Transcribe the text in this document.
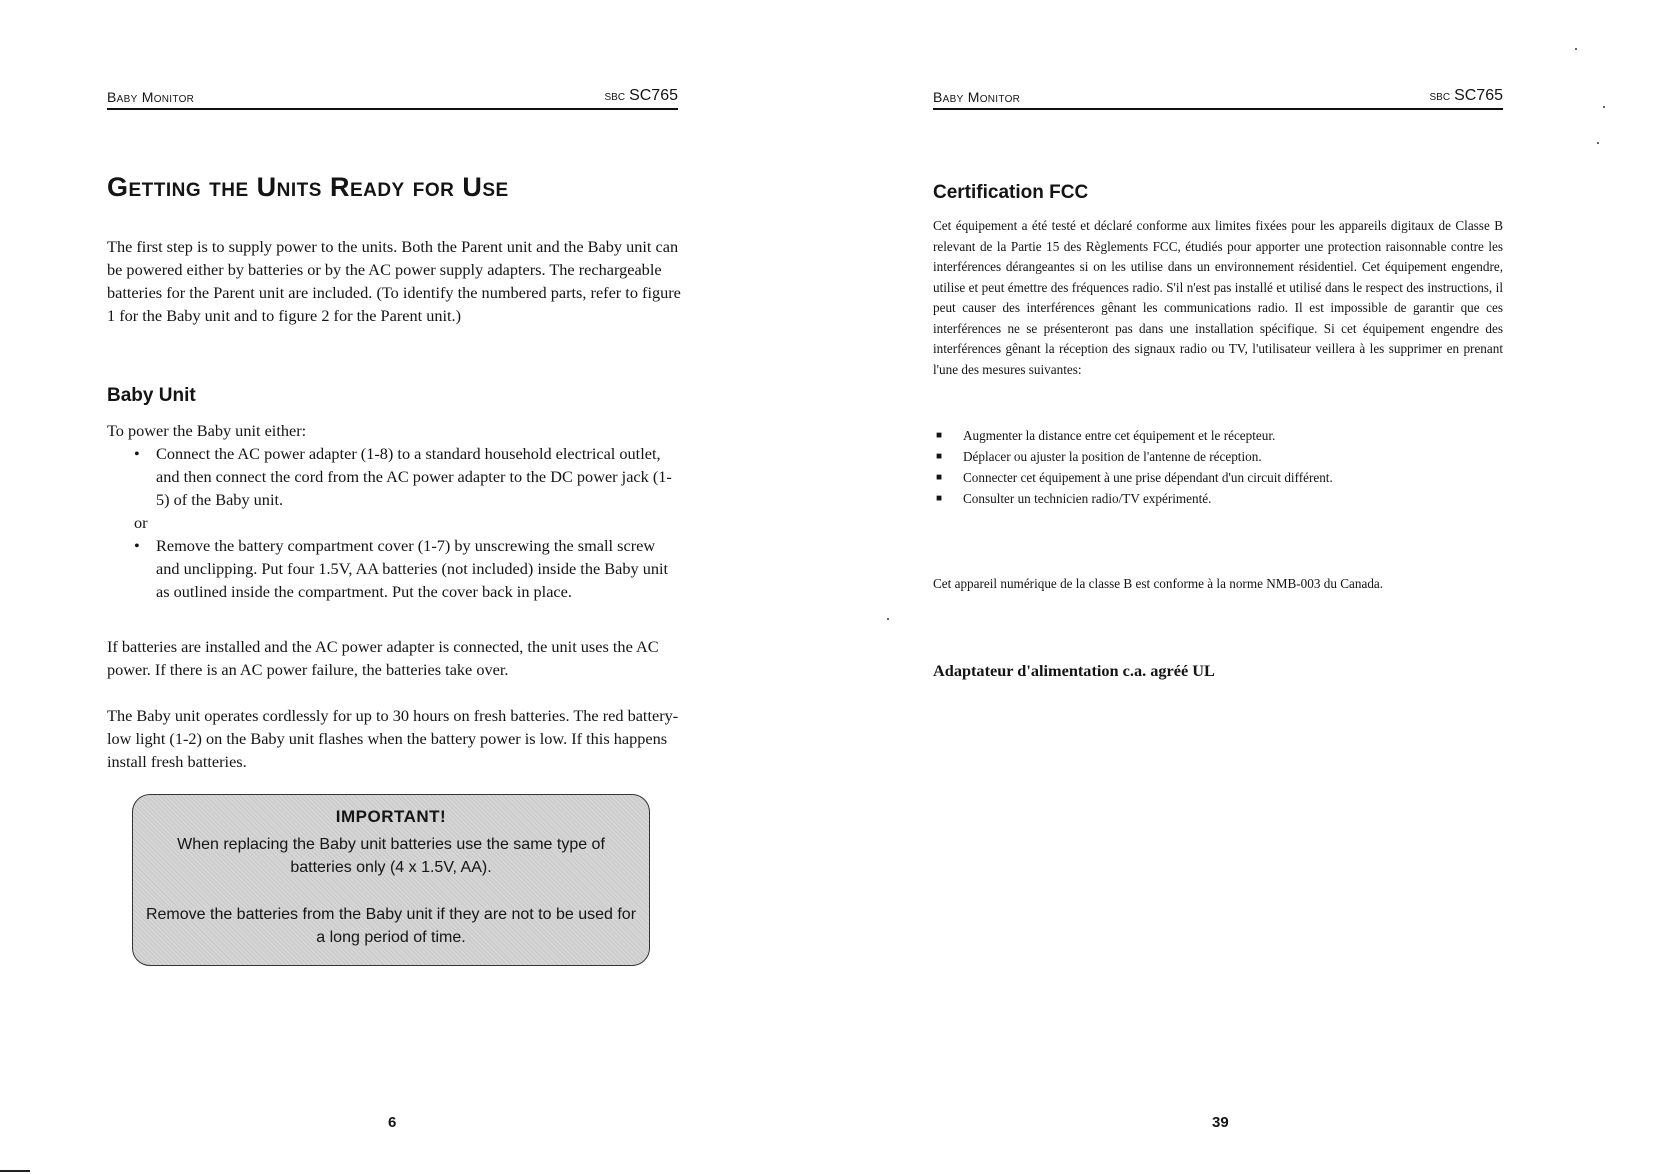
Baby Monitor	SBC SC765
Getting the Units Ready for Use

The first step is to supply power to the units. Both the Parent unit and the Baby unit can be powered either by batteries or by the AC power supply adapters. The rechargeable batteries for the Parent unit are included. (To identify the numbered parts, refer to figure 1 for the Baby unit and to figure 2 for the Parent unit.)

Baby Unit

To power the Baby unit either:

• Connect the AC power adapter (1-8) to a standard household electrical outlet, and then connect the cord from the AC power adapter to the DC power jack (1-5) of the Baby unit.

or

• Remove the battery compartment cover (1-7) by unscrewing the small screw and unclipping. Put four 1.5V, AA batteries (not included) inside the Baby unit as outlined inside the compartment. Put the cover back in place.

If batteries are installed and the AC power adapter is connected, the unit uses the AC power. If there is an AC power failure, the batteries take over.

The Baby unit operates cordlessly for up to 30 hours on fresh batteries. The red battery-low light (1-2) on the Baby unit flashes when the battery power is low. If this happens install fresh batteries.

IMPORTANT!
When replacing the Baby unit batteries use the same type of batteries only (4 x 1.5V, AA).
Remove the batteries from the Baby unit if they are not to be used for a long period of time.
6
Baby Monitor	SBC SC765
Certification FCC

Cet équipement a été testé et déclaré conforme aux limites fixées pour les appareils digitaux de Classe B relevant de la Partie 15 des Règlements FCC, étudiés pour apporter une protection raisonnable contre les interférences dérangeantes si on les utilise dans un environnement résidentiel. Cet équipement engendre, utilise et peut émettre des fréquences radio. S'il n'est pas installé et utilisé dans le respect des instructions, il peut causer des interférences gênant les communications radio. Il est impossible de garantir que ces interférences ne se présenteront pas dans une installation spécifique. Si cet équipement engendre des interférences gênant la réception des signaux radio ou TV, l'utilisateur veillera à les supprimer en prenant l'une des mesures suivantes:

■ Augmenter la distance entre cet équipement et le récepteur.
■ Déplacer ou ajuster la position de l'antenne de réception.
■ Connecter cet équipement à une prise dépendant d'un circuit différent.
■ Consulter un technicien radio/TV expérimenté.

Cet appareil numérique de la classe B est conforme à la norme NMB-003 du Canada.

Adaptateur d'alimentation c.a. agréé UL
39
